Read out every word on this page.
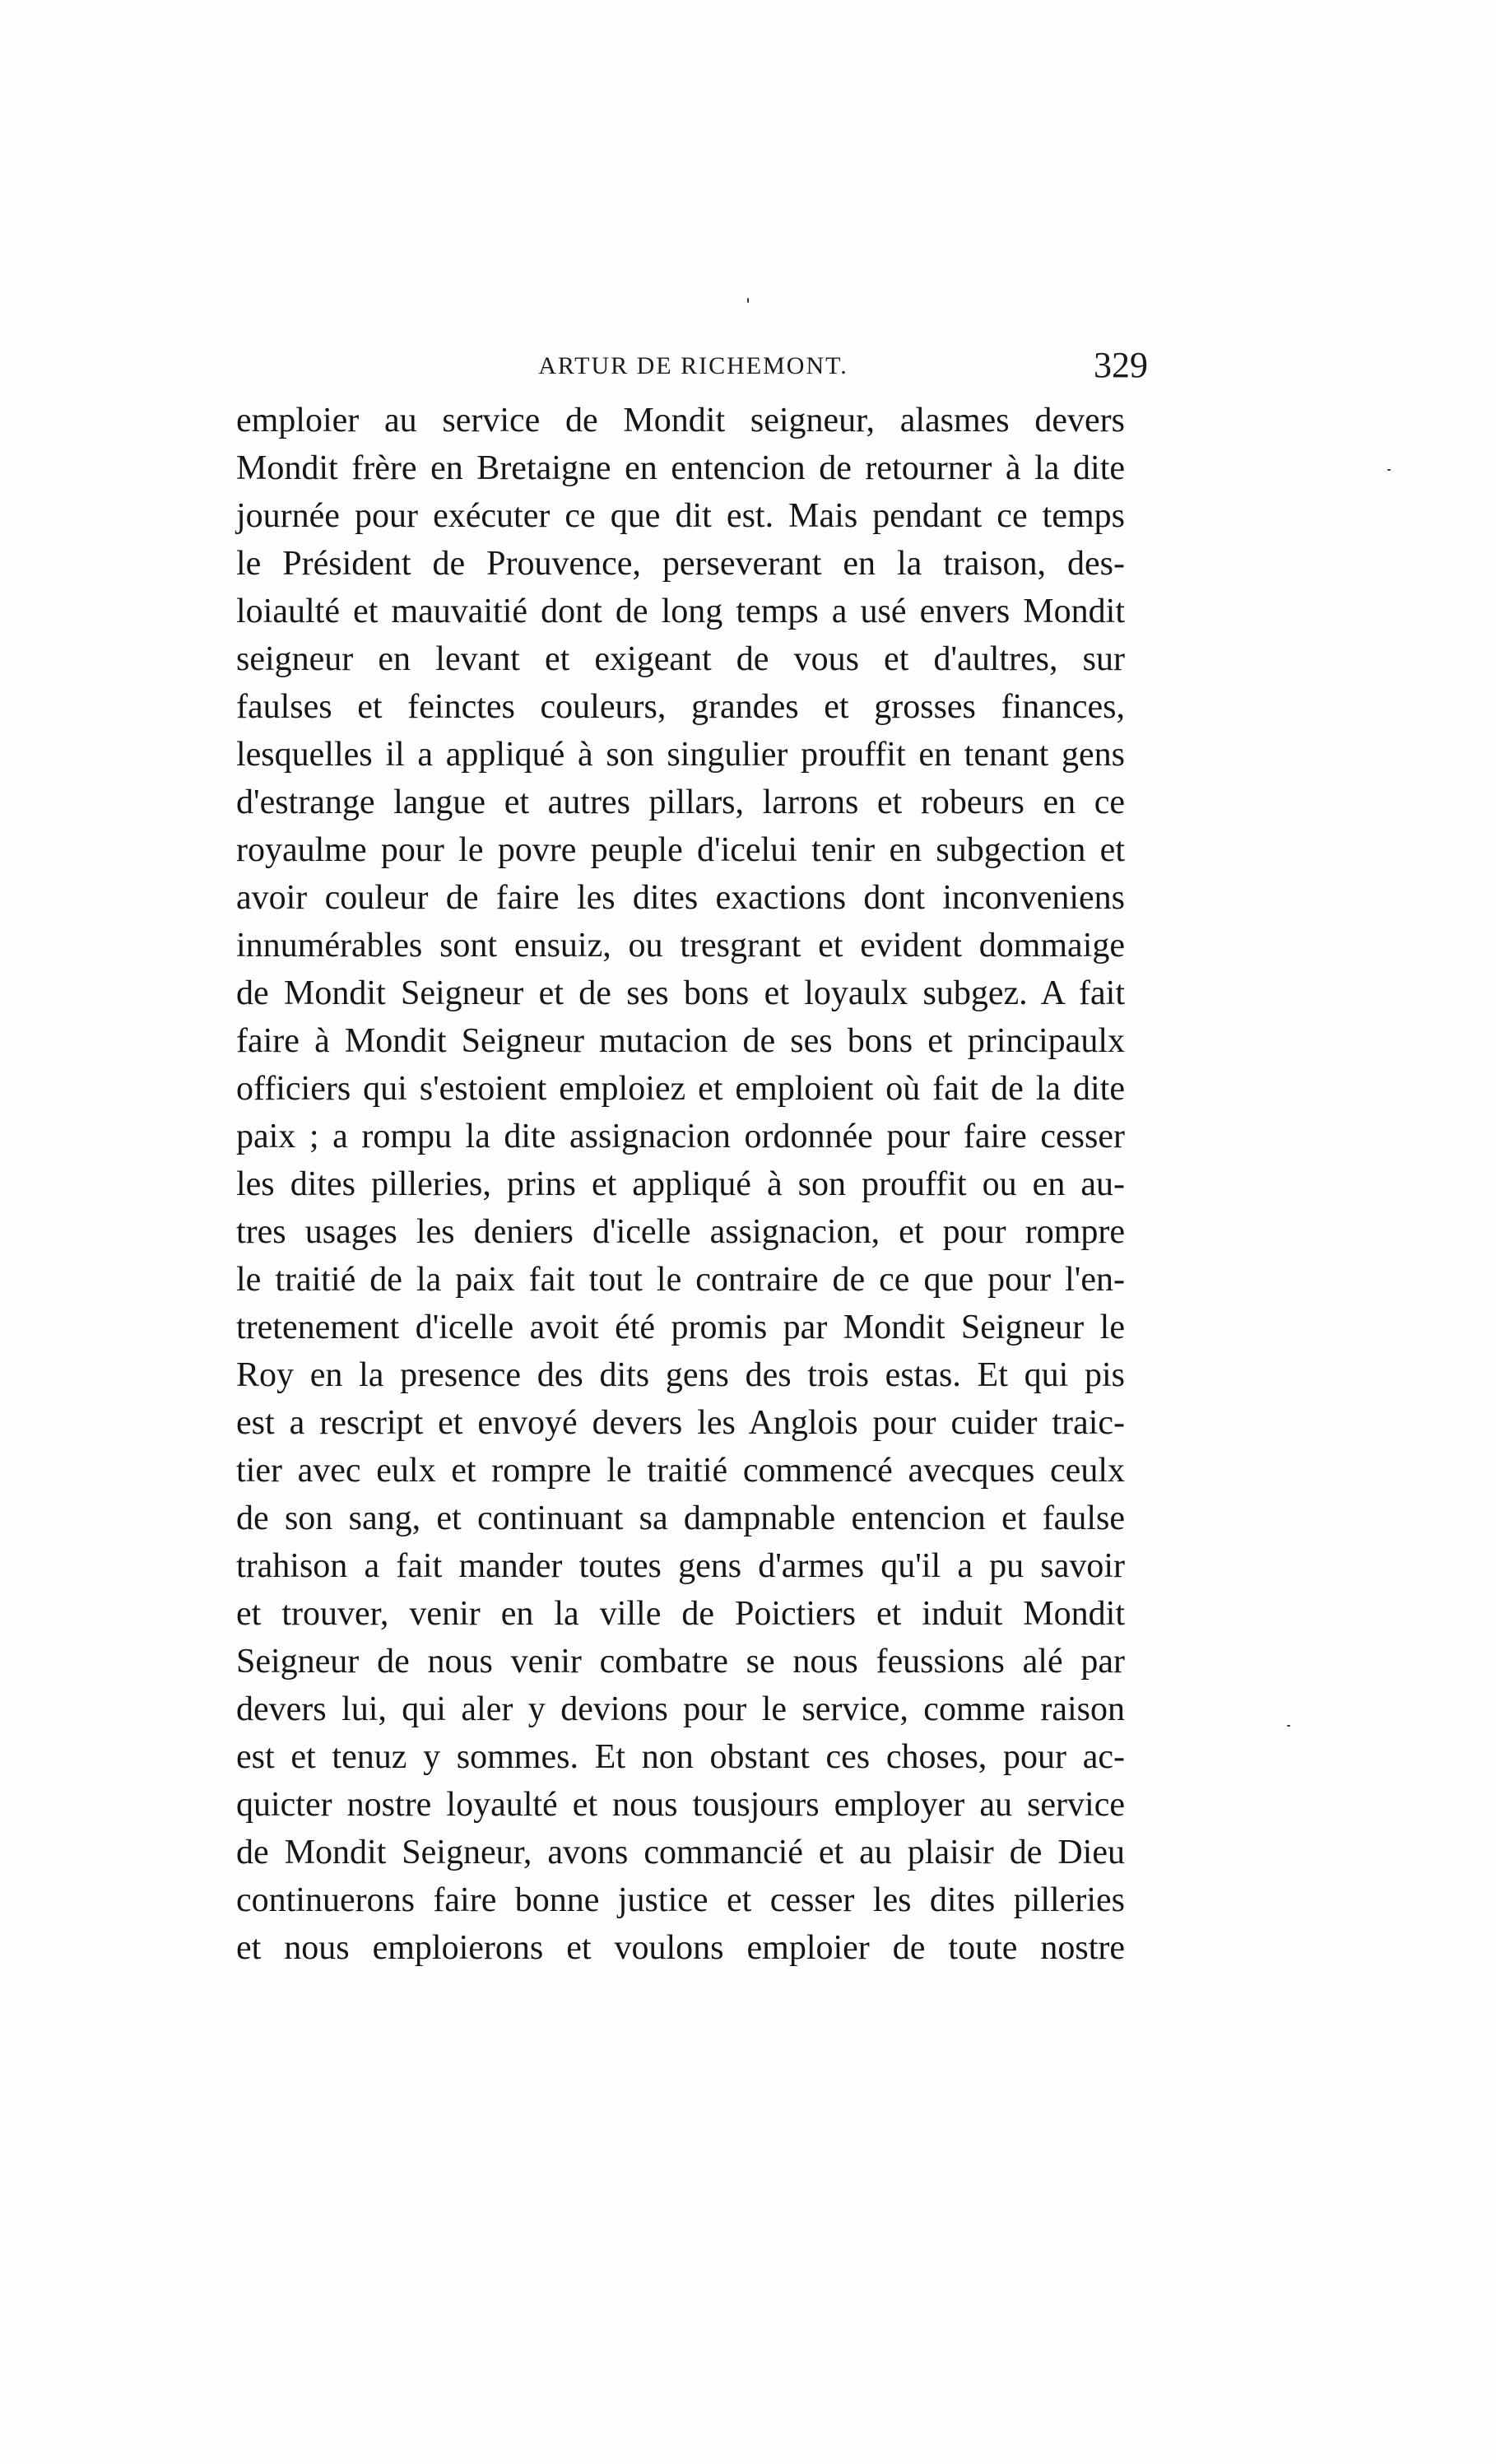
ARTUR DE RICHEMONT.	329
emploier au service de Mondit seigneur, alasmes devers
Mondit frère en Bretaigne en entencion de retourner à la dite
journée pour exécuter ce que dit est. Mais pendant ce temps
le Président de Prouvence, perseverant en la traison, des-
loiaulté et mauvaitié dont de long temps a usé envers Mondit
seigneur en levant et exigeant de vous et d'aultres, sur
faulses et feinctes couleurs, grandes et grosses finances,
lesquelles il a appliqué à son singulier prouffit en tenant gens
d'estrange langue et autres pillars, larrons et robeurs en ce
royaulme pour le povre peuple d'icelui tenir en subgection et
avoir couleur de faire les dites exactions dont inconveniens
innumérables sont ensuiz, ou tresgrant et evident dommaige
de Mondit Seigneur et de ses bons et loyaulx subgez. A fait
faire à Mondit Seigneur mutacion de ses bons et principaulx
officiers qui s'estoient emploiez et emploient où fait de la dite
paix ; a rompu la dite assignacion ordonnée pour faire cesser
les dites pilleries, prins et appliqué à son prouffit ou en au-
tres usages les deniers d'icelle assignacion, et pour rompre
le traitié de la paix fait tout le contraire de ce que pour l'en-
tretenement d'icelle avoit été promis par Mondit Seigneur le
Roy en la presence des dits gens des trois estas. Et qui pis
est a rescript et envoyé devers les Anglois pour cuider traic-
tier avec eulx et rompre le traitié commencé avecques ceulx
de son sang, et continuant sa dampnable entencion et faulse
trahison a fait mander toutes gens d'armes qu'il a pu savoir
et trouver, venir en la ville de Poictiers et induit Mondit
Seigneur de nous venir combatre se nous feussions alé par
devers lui, qui aler y devions pour le service, comme raison
est et tenuz y sommes. Et non obstant ces choses, pour ac-
quicter nostre loyaulté et nous tousjours employer au service
de Mondit Seigneur, avons commancié et au plaisir de Dieu
continuerons faire bonne justice et cesser les dites pilleries
et nous emploierons et voulons emploier de toute nostre
